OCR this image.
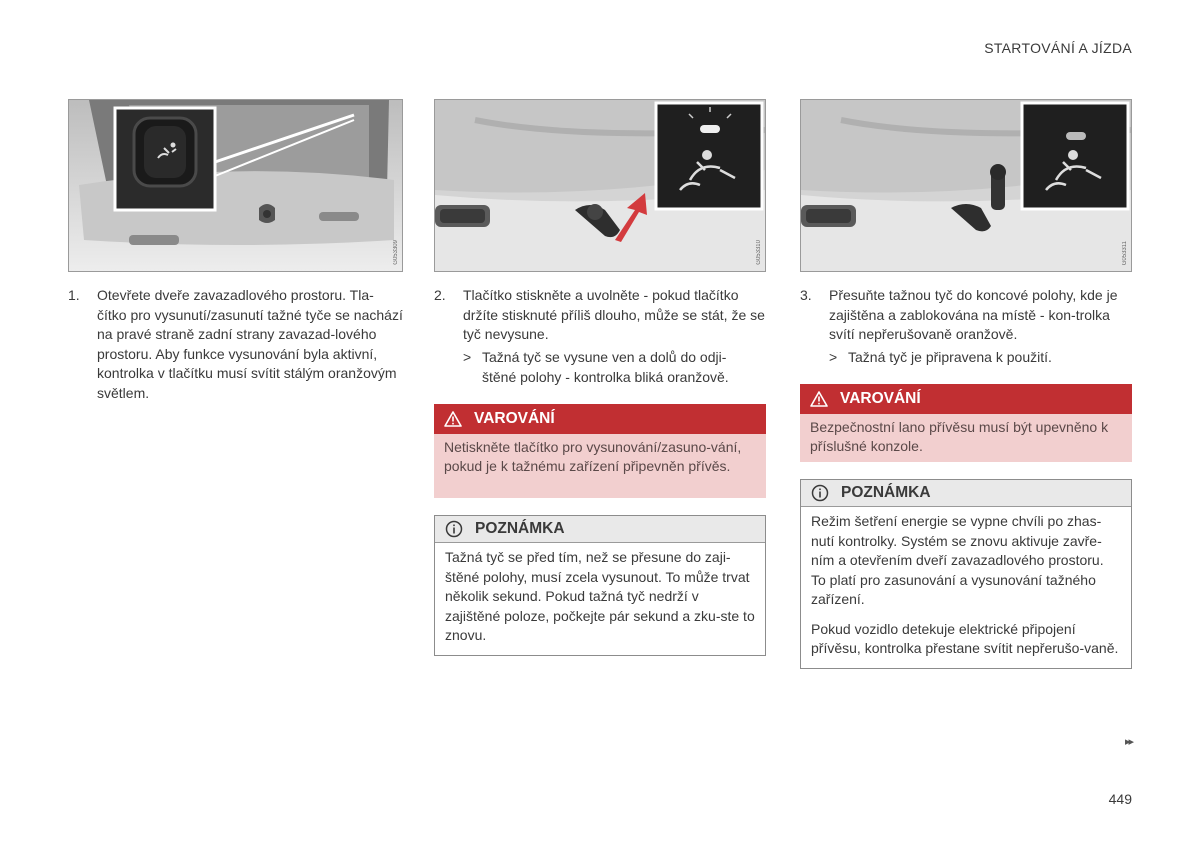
STARTOVÁNÍ A JÍZDA
G053309	G053310	G053311
1. Otevřete dveře zavazadlového prostoru. Tla-čítko pro vysunutí/zasunutí tažné tyče se nachází na pravé straně zadní strany zavazad-lového prostoru. Aby funkce vysunování byla aktivní, kontrolka v tlačítku musí svítit stálým oranžovým světlem.
2. Tlačítko stiskněte a uvolněte - pokud tlačítko držíte stisknuté příliš dlouho, může se stát, že se tyč nevysune.
> Tažná tyč se vysune ven a dolů do odji-štěné polohy - kontrolka bliká oranžově.
VAROVÁNÍ
Netiskněte tlačítko pro vysunování/zasuno-vání, pokud je k tažnému zařízení připevněn přívěs.
POZNÁMKA

Tažná tyč se před tím, než se přesune do zaji-štěné polohy, musí zcela vysunout. To může trvat několik sekund. Pokud tažná tyč nedrží v zajištěné poloze, počkejte pár sekund a zku-ste to znovu.

3. Přesuňte tažnou tyč do koncové polohy, kde je zajištěna a zablokována na místě - kon-trolka svítí nepřerušovaně oranžově.
> Tažná tyč je připravena k použití.
VAROVÁNÍ
Bezpečnostní lano přívěsu musí být upevněno k příslušné konzole.
POZNÁMKA

Režim šetření energie se vypne chvíli po zhas-nutí kontrolky. Systém se znovu aktivuje zavře-ním a otevřením dveří zavazadlového prostoru. To platí pro zasunování a vysunování tažného zařízení.

Pokud vozidlo detekuje elektrické připojení přívěsu, kontrolka přestane svítit nepřerušo-vaně.

▸▸
449
